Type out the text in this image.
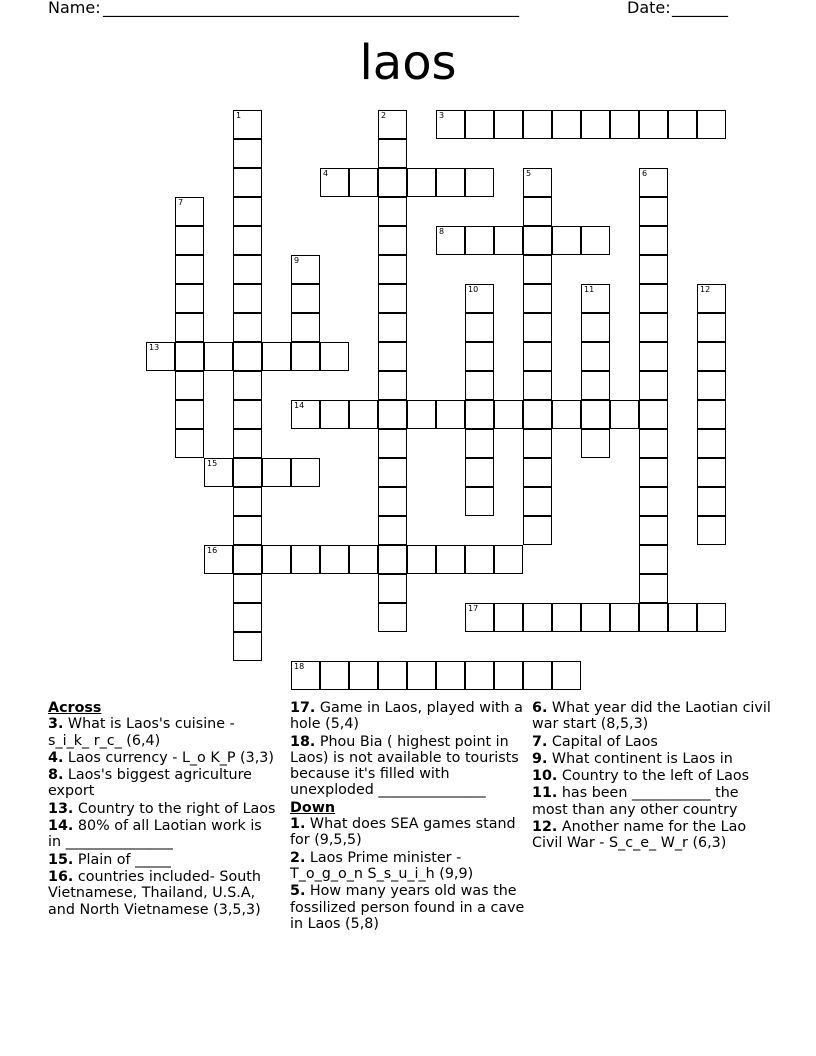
Name: ____________________________________________________	Date: _______
laos
1	2	3
4	5	6
7
8
9
10	11	12
13
14
15
16
17
18
Across
3. What is Laos's cuisine - s_i_k_ r_c_ (6,4)
4. Laos currency - L_o K_P (3,3)
8. Laos's biggest agriculture export
13. Country to the right of Laos
14. 80% of all Laotian work is in _______________
15. Plain of _____
16. countries included- South Vietnamese, Thailand, U.S.A, and North Vietnamese (3,5,3)
17. Game in Laos, played with a hole (5,4)
18. Phou Bia ( highest point in Laos) is not available to tourists because it's filled with unexploded _______________
Down
1. What does SEA games stand for (9,5,5)
2. Laos Prime minister - T_o_g_o_n S_s_u_i_h (9,9)
5. How many years old was the fossilized person found in a cave in Laos (5,8)
6. What year did the Laotian civil war start (8,5,3)
7. Capital of Laos
9. What continent is Laos in
10. Country to the left of Laos
11. has been ___________ the most than any other country
12. Another name for the Lao Civil War - S_c_e_ W_r (6,3)
